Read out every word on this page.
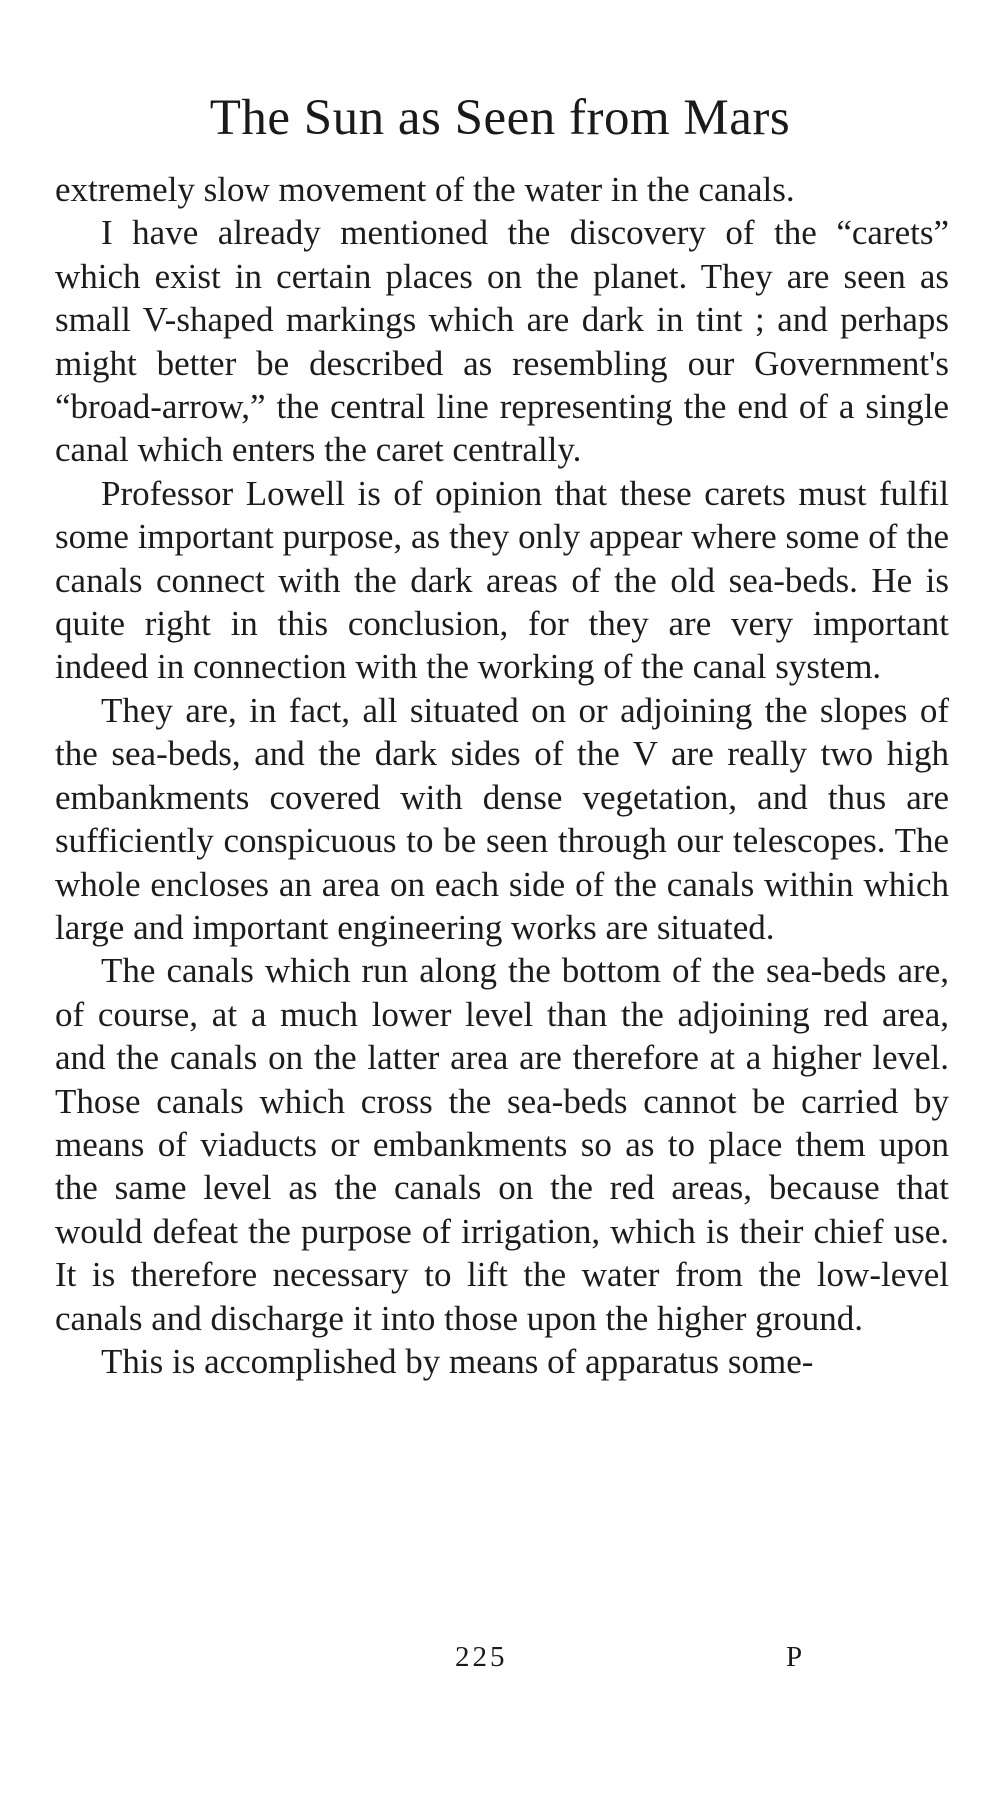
The Sun as Seen from Mars

extremely slow movement of the water in the canals.

I have already mentioned the discovery of the “carets” which exist in certain places on the planet. They are seen as small V-shaped markings which are dark in tint ; and perhaps might better be described as resembling our Government's “broad-arrow,” the central line representing the end of a single canal which enters the caret centrally.

Professor Lowell is of opinion that these carets must fulfil some important purpose, as they only appear where some of the canals connect with the dark areas of the old sea-beds. He is quite right in this conclusion, for they are very important indeed in connection with the working of the canal system.

They are, in fact, all situated on or adjoining the slopes of the sea-beds, and the dark sides of the V are really two high embankments covered with dense vegetation, and thus are sufficiently conspicuous to be seen through our telescopes. The whole encloses an area on each side of the canals within which large and important engineering works are situated.

The canals which run along the bottom of the sea-beds are, of course, at a much lower level than the adjoining red area, and the canals on the latter area are therefore at a higher level. Those canals which cross the sea-beds cannot be carried by means of viaducts or embankments so as to place them upon the same level as the canals on the red areas, because that would defeat the purpose of irrigation, which is their chief use. It is therefore necessary to lift the water from the low-level canals and discharge it into those upon the higher ground.

This is accomplished by means of apparatus some-

225	P
